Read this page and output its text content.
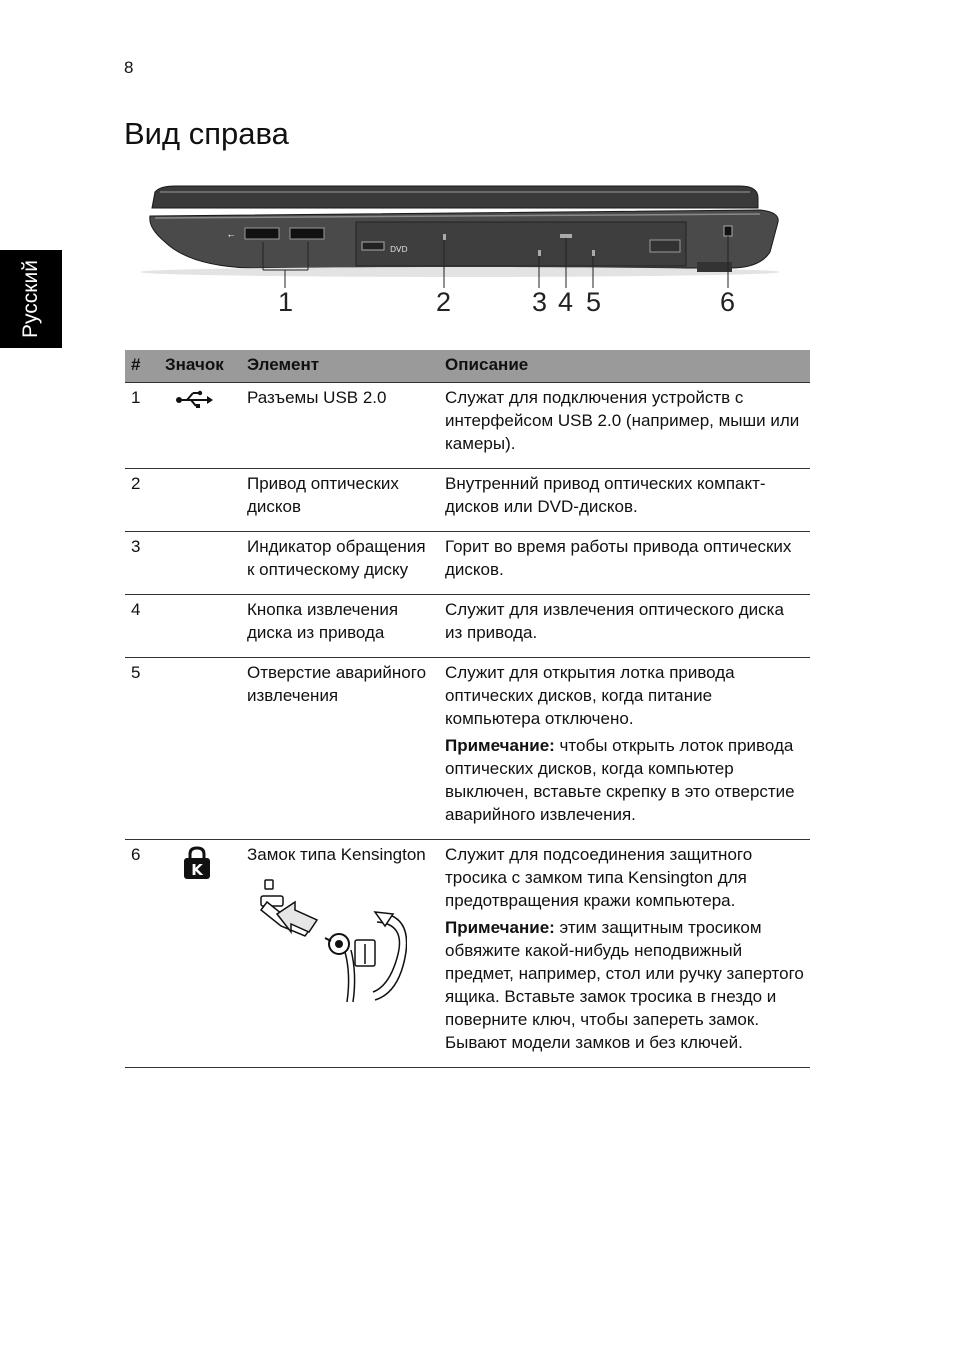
8
Русский
Вид справа
⭠
DVD
1	2	3 4 5	6
#	Значок	Элемент	Описание
1		Разъемы USB 2.0	Служат для подключения устройств с интерфейсом USB 2.0 (например, мыши или камеры).

2		Привод оптических дисков	Внутренний привод оптических компакт-дисков или DVD-дисков.

3		Индикатор обращения к оптическому диску	Горит во время работы привода оптических дисков.

4		Кнопка извлечения диска из привода	Служит для извлечения оптического диска из привода.

5		Отверстие аварийного извлечения	Служит для открытия лотка привода оптических дисков, когда питание компьютера отключено.

Примечание: чтобы открыть лоток привода оптических дисков, когда компьютер выключен, вставьте скрепку в это отверстие аварийного извлечения.

6	K	Замок типа Kensington	Служит для подсоединения защитного тросика с замком типа Kensington для предотвращения кражи компьютера.

Примечание: этим защитным тросиком обвяжите какой-нибудь неподвижный предмет, например, стол или ручку запертого ящика. Вставьте замок тросика в гнездо и поверните ключ, чтобы запереть замок. Бывают модели замков и без ключей.
